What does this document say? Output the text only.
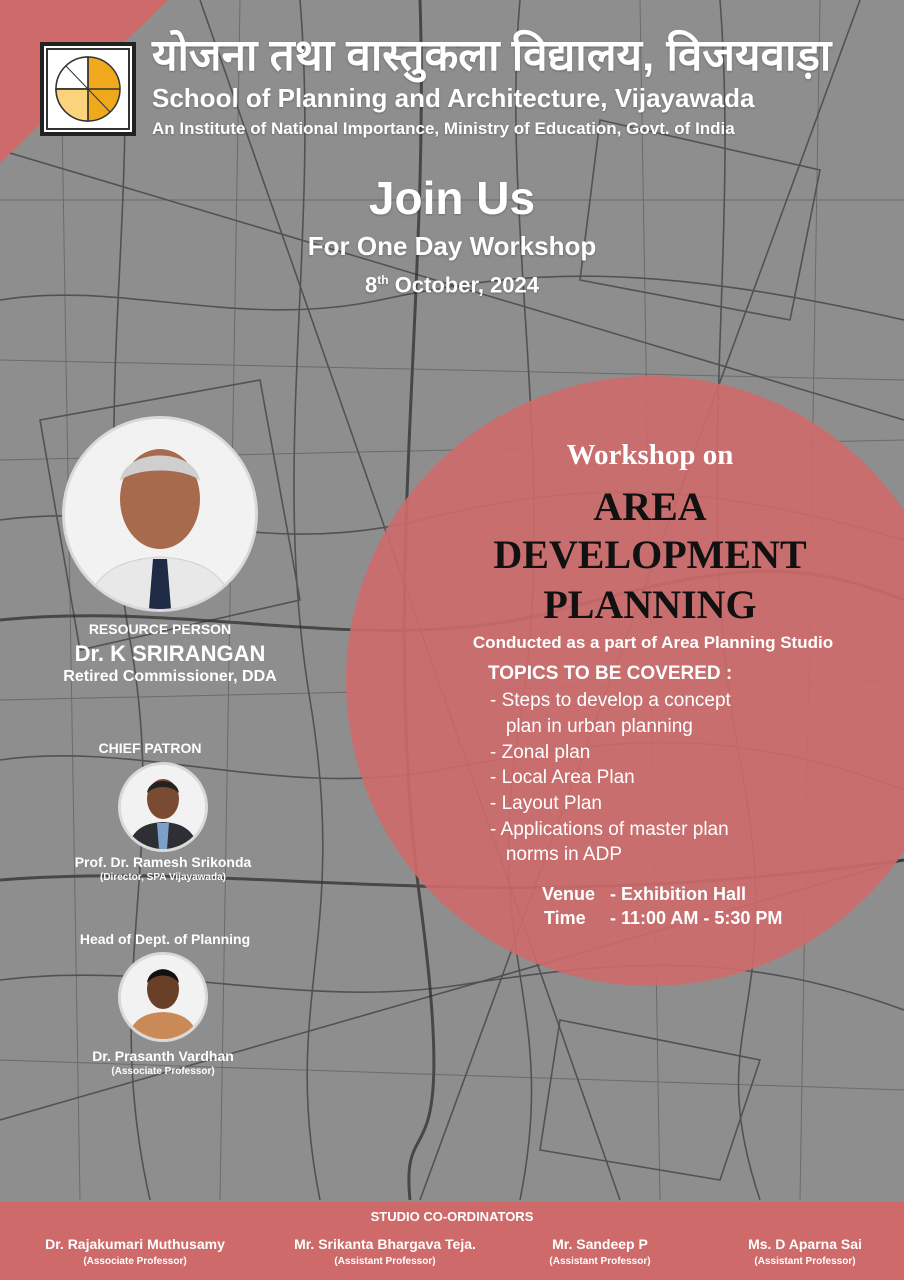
योजना तथा वास्तुकला विद्यालय, विजयवाड़ा
School of Planning and Architecture, Vijayawada
An Institute of National Importance, Ministry of Education, Govt. of India
Join Us
For One Day Workshop
8th October, 2024
Workshop on
AREA
DEVELOPMENT
PLANNING
Conducted as a part of Area Planning Studio
TOPICS TO BE COVERED :
- Steps to develop a concept
plan in urban planning
- Zonal plan
- Local Area Plan
- Layout Plan
- Applications of master plan
norms in ADP
Venue - Exhibition Hall
Time - 11:00 AM - 5:30 PM
RESOURCE PERSON
Dr. K SRIRANGAN
Retired Commissioner, DDA
CHIEF PATRON
Prof. Dr. Ramesh Srikonda
(Director, SPA Vijayawada)
Head of Dept. of Planning
Dr. Prasanth Vardhan
(Associate Professor)
STUDIO CO-ORDINATORS
Dr. Rajakumari Muthusamy
(Associate Professor)
Mr. Srikanta Bhargava Teja.
(Assistant Professor)
Mr. Sandeep P
(Assistant Professor)
Ms. D Aparna Sai
(Assistant Professor)
